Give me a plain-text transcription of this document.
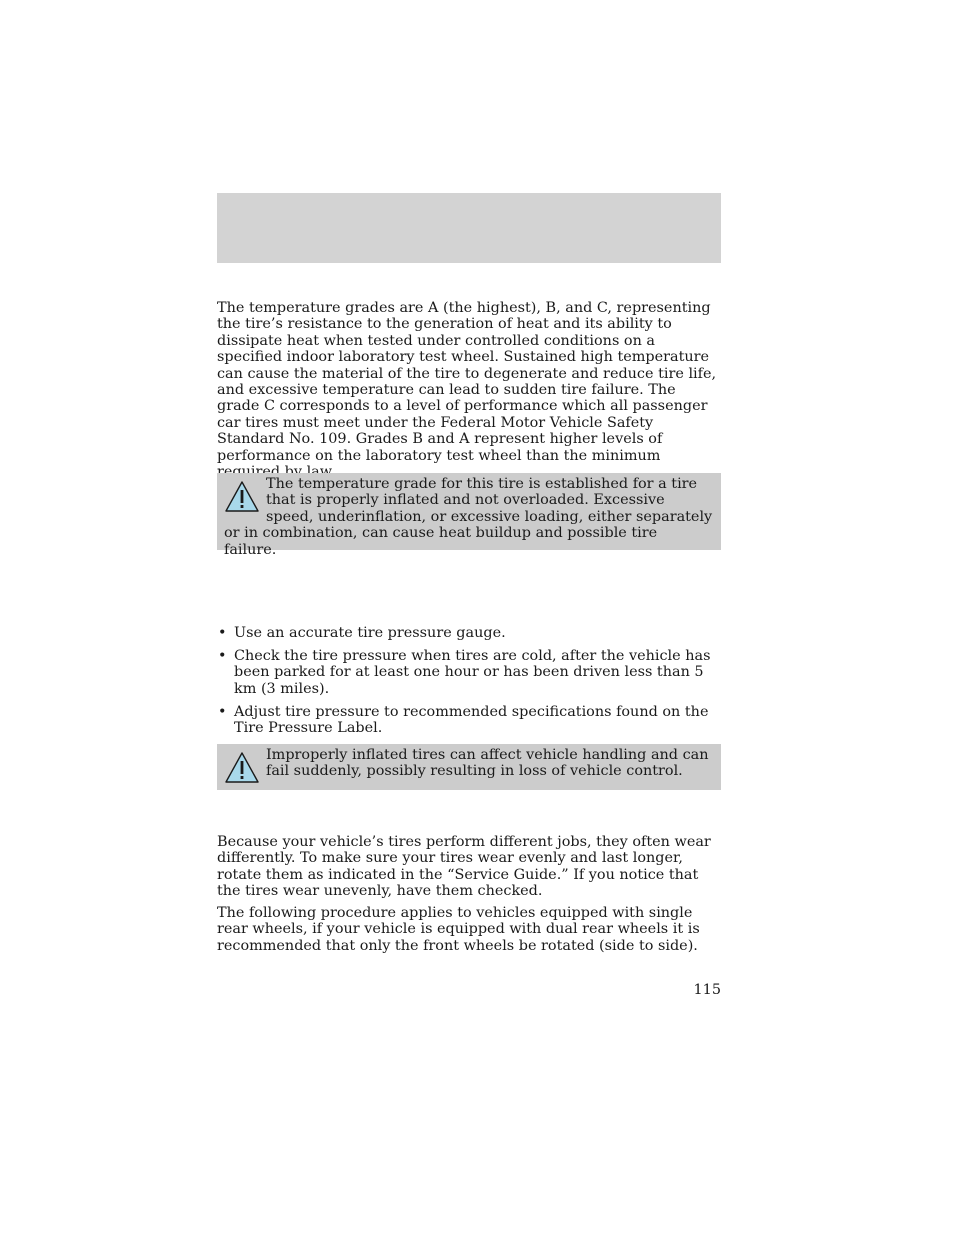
The temperature grades are A (the highest), B, and C, representing the tire’s resistance to the generation of heat and its ability to dissipate heat when tested under controlled conditions on a specified indoor laboratory test wheel. Sustained high temperature can cause the material of the tire to degenerate and reduce tire life, and excessive temperature can lead to sudden tire failure. The grade C corresponds to a level of performance which all passenger car tires must meet under the Federal Motor Vehicle Safety Standard No. 109. Grades B and A represent higher levels of performance on the laboratory test wheel than the minimum

The temperature grade for this tire is established for a tire that is properly inflated and not overloaded. Excessive speed, underinflation, or excessive loading, either separately or in combination, can cause heat buildup and possible tire failure.
• Use an accurate tire pressure gauge.
• Check the tire pressure when tires are cold, after the vehicle has been parked for at least one hour or has been driven less than 5 km (3 miles).
• Adjust tire pressure to recommended specifications found on the Tire Pressure Label.
Improperly inflated tires can affect vehicle handling and can fail suddenly, possibly resulting in loss of vehicle control.

Because your vehicle’s tires perform different jobs, they often wear differently. To make sure your tires wear evenly and last longer, rotate them as indicated in the “Service Guide.” If you notice that the tires wear unevenly, have them checked.

The following procedure applies to vehicles equipped with single rear wheels, if your vehicle is equipped with dual rear wheels it is recommended that only the front wheels be rotated (side to side).

115
